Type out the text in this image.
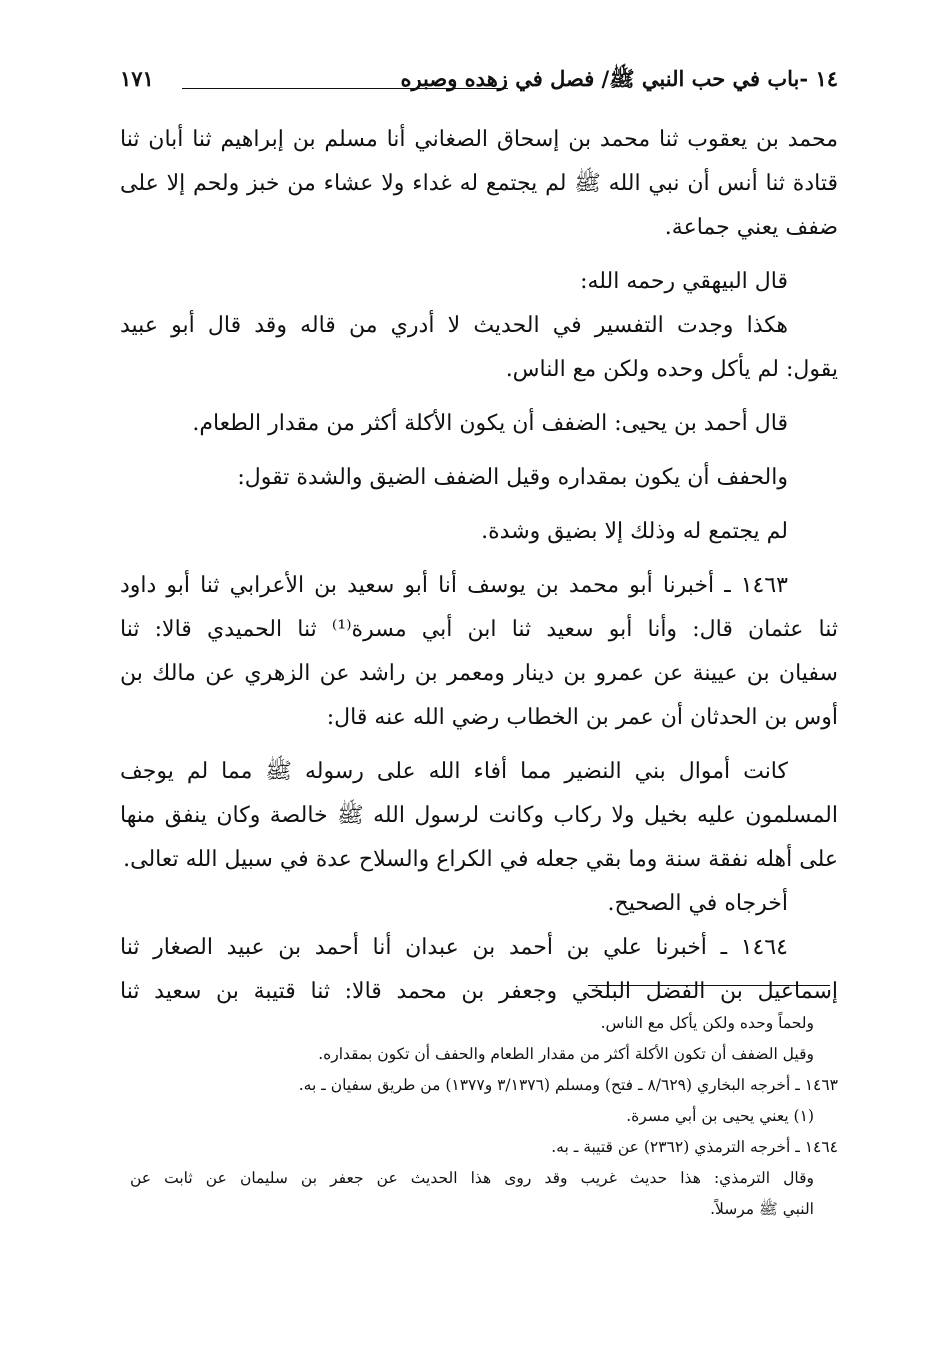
١٤ -باب في حب النبي ﷺ/ فصل في زهده وصبره
١٧١
محمد بن يعقوب ثنا محمد بن إسحاق الصغاني أنا مسلم بن إبراهيم ثنا أبان ثنا
قتادة ثنا أنس أن نبي الله ﷺ لم يجتمع له غداء ولا عشاء من خبز ولحم إلا على
ضفف يعني جماعة.
قال البيهقي رحمه الله:
هكذا وجدت التفسير في الحديث لا أدري من قاله وقد قال أبو عبيد
يقول: لم يأكل وحده ولكن مع الناس.
قال أحمد بن يحيى: الضفف أن يكون الأكلة أكثر من مقدار الطعام.
والحفف أن يكون بمقداره وقيل الضفف الضيق والشدة تقول:
لم يجتمع له وذلك إلا بضيق وشدة.
١٤٦٣ ـ أخبرنا أبو محمد بن يوسف أنا أبو سعيد بن الأعرابي ثنا أبو داود
ثنا عثمان قال: وأنا أبو سعيد ثنا ابن أبي مسرة⁽¹⁾ ثنا الحميدي قالا: ثنا
سفيان بن عيينة عن عمرو بن دينار ومعمر بن راشد عن الزهري عن مالك بن
أوس بن الحدثان أن عمر بن الخطاب رضي الله عنه قال:
كانت أموال بني النضير مما أفاء الله على رسوله ﷺ مما لم يوجف
المسلمون عليه بخيل ولا ركاب وكانت لرسول الله ﷺ خالصة وكان ينفق منها
على أهله نفقة سنة وما بقي جعله في الكراع والسلاح عدة في سبيل الله تعالى.
أخرجاه في الصحيح.
١٤٦٤ ـ أخبرنا علي بن أحمد بن عبدان أنا أحمد بن عبيد الصغار ثنا
إسماعيل بن الفضل البلخي وجعفر بن محمد قالا: ثنا قتيبة بن سعيد ثنا
ولحماً وحده ولكن يأكل مع الناس.
وقيل الضفف أن تكون الأكلة أكثر من مقدار الطعام والحفف أن تكون بمقداره.
١٤٦٣ ـ أخرجه البخاري (٨/٦٢٩ ـ فتح) ومسلم (٣/١٣٧٦ و١٣٧٧) من طريق سفيان ـ به.
(١) يعني يحيى بن أبي مسرة.
١٤٦٤ ـ أخرجه الترمذي (٢٣٦٢) عن قتيبة ـ به.
وقال الترمذي: هذا حديث غريب وقد روى هذا الحديث عن جعفر بن سليمان عن ثابت عن
النبي ﷺ مرسلاً.
